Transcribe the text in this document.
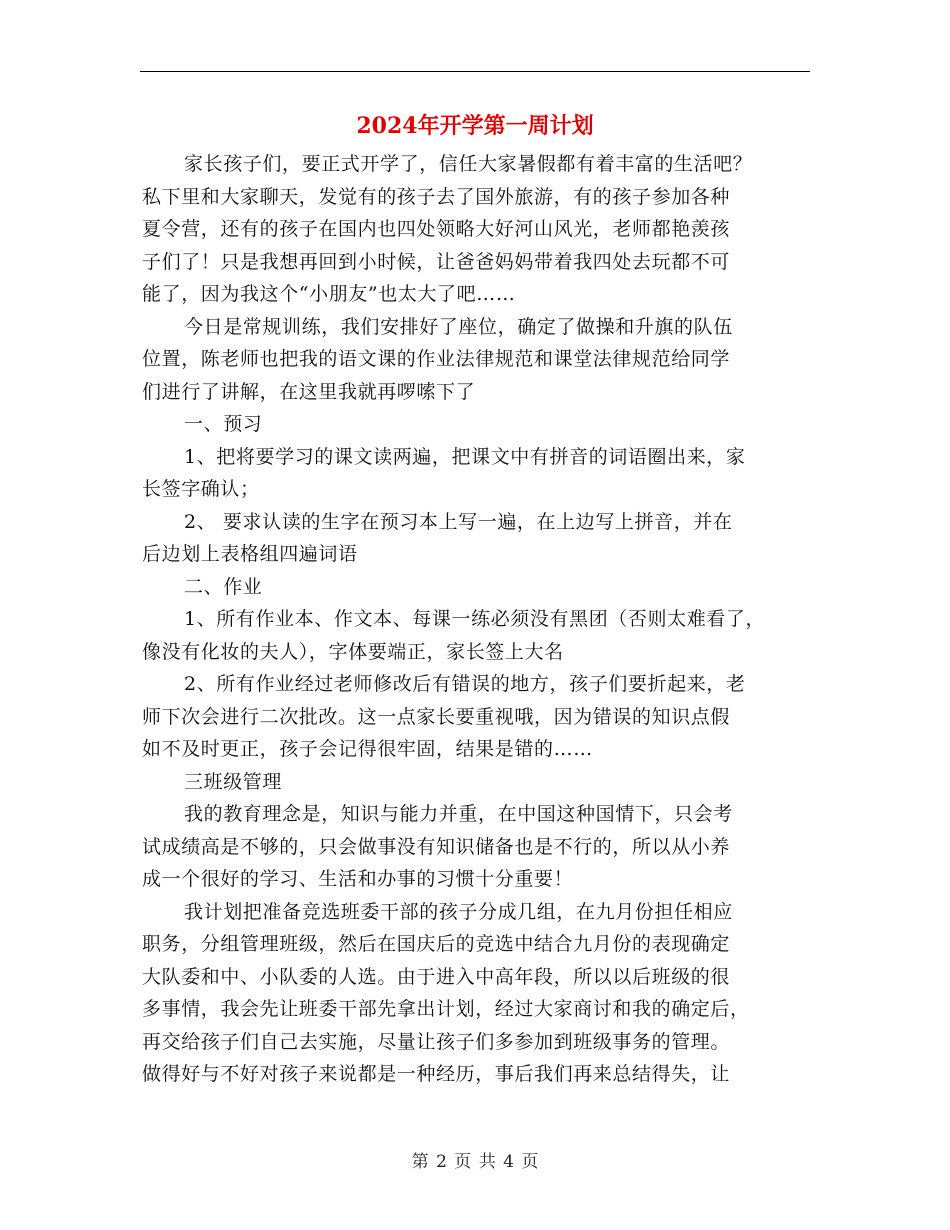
2024年开学第一周计划
家长孩子们，要正式开学了，信任大家暑假都有着丰富的生活吧？
私下里和大家聊天，发觉有的孩子去了国外旅游，有的孩子参加各种
夏令营，还有的孩子在国内也四处领略大好河山风光，老师都艳羡孩
子们了！只是我想再回到小时候，让爸爸妈妈带着我四处去玩都不可
能了，因为我这个“小朋友”也太大了吧……
今日是常规训练，我们安排好了座位，确定了做操和升旗的队伍
位置，陈老师也把我的语文课的作业法律规范和课堂法律规范给同学
们进行了讲解，在这里我就再啰嗦下了
一、预习
1、把将要学习的课文读两遍，把课文中有拼音的词语圈出来，家
长签字确认；
2、 要求认读的生字在预习本上写一遍，在上边写上拼音，并在
后边划上表格组四遍词语
二、作业
1、所有作业本、作文本、每课一练必须没有黑团（否则太难看了，
像没有化妆的夫人），字体要端正，家长签上大名
2、所有作业经过老师修改后有错误的地方，孩子们要折起来，老
师下次会进行二次批改。这一点家长要重视哦，因为错误的知识点假
如不及时更正，孩子会记得很牢固，结果是错的……
三班级管理
我的教育理念是，知识与能力并重，在中国这种国情下，只会考
试成绩高是不够的，只会做事没有知识储备也是不行的，所以从小养
成一个很好的学习、生活和办事的习惯十分重要！
我计划把准备竞选班委干部的孩子分成几组，在九月份担任相应
职务，分组管理班级，然后在国庆后的竞选中结合九月份的表现确定
大队委和中、小队委的人选。由于进入中高年段，所以以后班级的很
多事情，我会先让班委干部先拿出计划，经过大家商讨和我的确定后，
再交给孩子们自己去实施，尽量让孩子们多参加到班级事务的管理。
做得好与不好对孩子来说都是一种经历，事后我们再来总结得失，让
第 2 页 共 4 页
